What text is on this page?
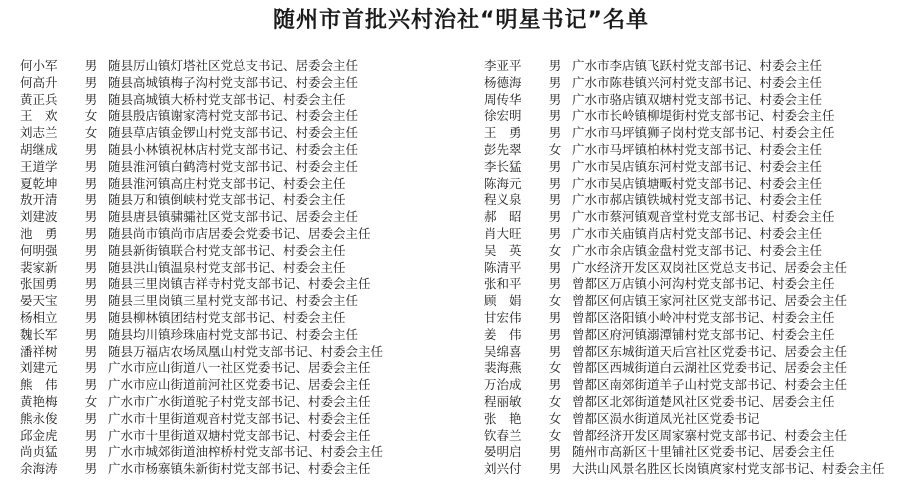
随州市首批兴村治社“明星书记”名单
何小军 男 随县厉山镇灯塔社区党总支书记、居委会主任
何高升 男 随县高城镇梅子沟村党支部书记、村委会主任
黄正兵 男 随县高城镇大桥村党支部书记、村委会主任
王　欢 女 随县殷店镇谢家湾村党支部书记、村委会主任
刘志兰 女 随县草店镇金锣山村党支部书记、村委会主任
胡继成 男 随县小林镇祝林店村党支部书记、村委会主任
王道学 男 随县淮河镇白鹤湾村党支部书记、村委会主任
夏乾坤 男 随县淮河镇高庄村党支部书记、村委会主任
敖开清 男 随县万和镇倒峡村党支部书记、村委会主任
刘建波 男 随县唐县镇骕骦社区党支部书记、居委会主任
池　勇 男 随县尚市镇尚市店居委会党委书记、居委会主任
何明强 男 随县新街镇联合村党支部书记、村委会主任
裴家新 男 随县洪山镇温泉村党支部书记、村委会主任
张国勇 男 随县三里岗镇吉祥寺村党支部书记、村委会主任
晏天宝 男 随县三里岗镇三星村党支部书记、村委会主任
杨相立 男 随县柳林镇团结村党支部书记、村委会主任
魏长军 男 随县均川镇珍珠庙村党支部书记、村委会主任
潘祥树 男 随县万福店农场凤凰山村党支部书记、村委会主任
刘建元 男 广水市应山街道八一社区党委书记、居委会主任
熊　伟 男 广水市应山街道前河社区党委书记、居委会主任
黄艳梅 女 广水市广水街道驼子村党支部书记、村委会主任
熊永俊 男 广水市十里街道观音村党支部书记、村委会主任
邱金虎 男 广水市十里街道双塘村党支部书记、村委会主任
尚贞猛 男 广水市城郊街道油榨桥村党支部书记、村委会主任
余海涛 男 广水市杨寨镇朱新街村党支部书记、村委会主任
李亚平 男 广水市李店镇飞跃村党支部书记、村委会主任
杨德海 男 广水市陈巷镇兴河村党支部书记、村委会主任
周传华 男 广水市骆店镇双塘村党支部书记、村委会主任
徐宏明 男 广水市长岭镇柳堤街村党支部书记、村委会主任
王　勇 男 广水市马坪镇狮子岗村党支部书记、村委会主任
彭先翠 女 广水市马坪镇柏林村党支部书记、村委会主任
李长猛 男 广水市吴店镇东河村党支部书记、村委会主任
陈海元 男 广水市吴店镇塘畈村党支部书记、村委会主任
程义泉 男 广水市郝店镇铁城村党支部书记、村委会主任
郝　昭 男 广水市蔡河镇观音堂村党支部书记、村委会主任
肖大旺 男 广水市关庙镇肖店村党支部书记、村委会主任
吴　英 女 广水市余店镇金盘村党支部书记、村委会主任
陈清平 男 广水经济开发区双岗社区党总支书记、居委会主任
张和平 男 曾都区万店镇小河沟村党支部书记、村委会主任
顾　娟 女 曾都区何店镇王家河社区党支部书记、居委会主任
甘宏伟 男 曾都区洛阳镇小岭冲村党支部书记、村委会主任
姜　伟 男 曾都区府河镇溺潭铺村党支部书记、村委会主任
吴绵喜 男 曾都区东城街道天后宫社区党委书记、居委会主任
裴海燕 女 曾都区西城街道白云湖社区党委书记、居委会主任
万治成 男 曾都区南郊街道羊子山村党支部书记、村委会主任
程丽敏 女 曾都区北郊街道楚风社区党委书记、居委会主任
张　艳 女 曾都区涢水街道凤光社区党委书记
钦春兰 女 曾都经济开发区周家寨村党支部书记、村委会主任
晏明启 男 随州市高新区十里铺社区党委书记、居委会主任
刘兴付 男 大洪山风景名胜区长岗镇庹家村党支部书记、村委会主任
